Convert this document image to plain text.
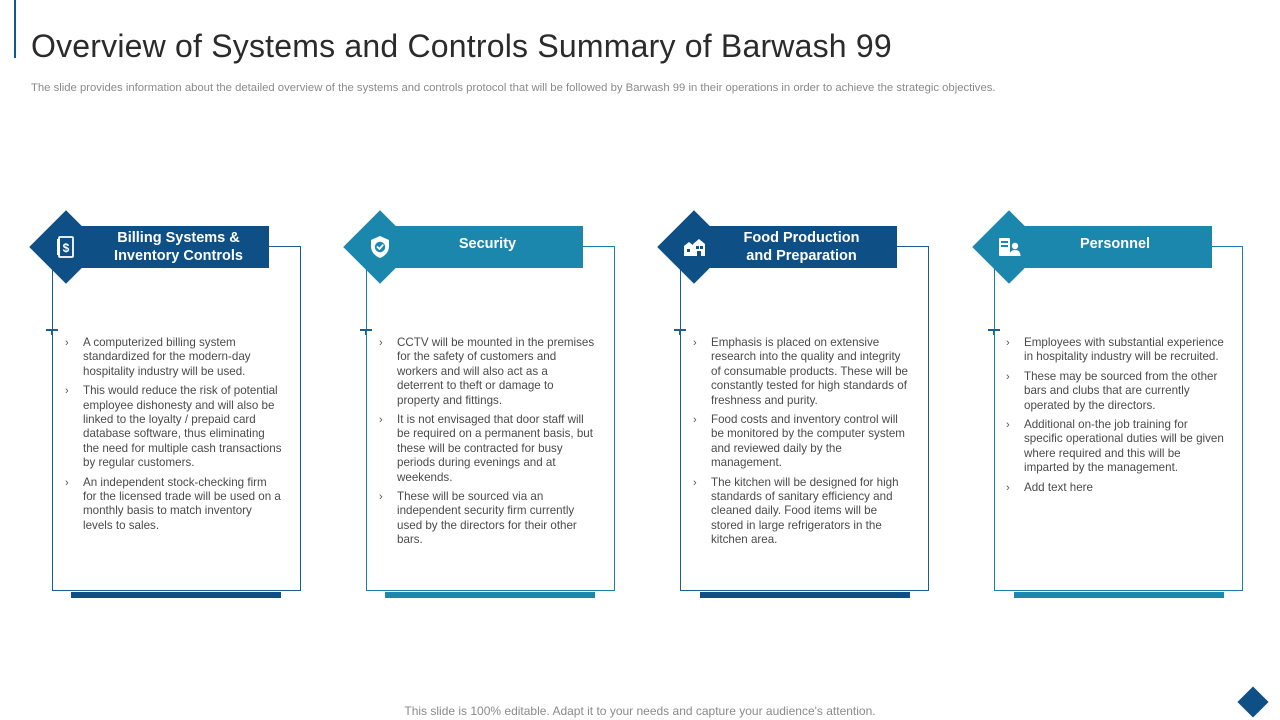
Overview of Systems and Controls Summary of Barwash 99

The slide provides information about the detailed overview of the systems and controls protocol that will be followed by Barwash 99 in their operations in order to achieve the strategic objectives.

Billing Systems &
Inventory Controls
$
› A computerized billing system standardized for the modern-day hospitality industry will be used.
› This would reduce the risk of potential employee dishonesty and will also be linked to the loyalty / prepaid card database software, thus eliminating the need for multiple cash transactions by regular customers.
› An independent stock-checking firm for the licensed trade will be used on a monthly basis to match inventory levels to sales.
Security
› CCTV will be mounted in the premises for the safety of customers and workers and will also act as a deterrent to theft or damage to property and fittings.
› It is not envisaged that door staff will be required on a permanent basis, but these will be contracted for busy periods during evenings and at weekends.
› These will be sourced via an independent security firm currently used by the directors for their other bars.
Food Production
and Preparation
› Emphasis is placed on extensive research into the quality and integrity of consumable products. These will be constantly tested for high standards of freshness and purity.
› Food costs and inventory control will be monitored by the computer system and reviewed daily by the management.
› The kitchen will be designed for high standards of sanitary efficiency and cleaned daily. Food items will be stored in large refrigerators in the kitchen area.
Personnel
› Employees with substantial experience in hospitality industry will be recruited.
› These may be sourced from the other bars and clubs that are currently operated by the directors.
› Additional on-the job training for specific operational duties will be given where required and this will be imparted by the management.
› Add text here
This slide is 100% editable. Adapt it to your needs and capture your audience's attention.
